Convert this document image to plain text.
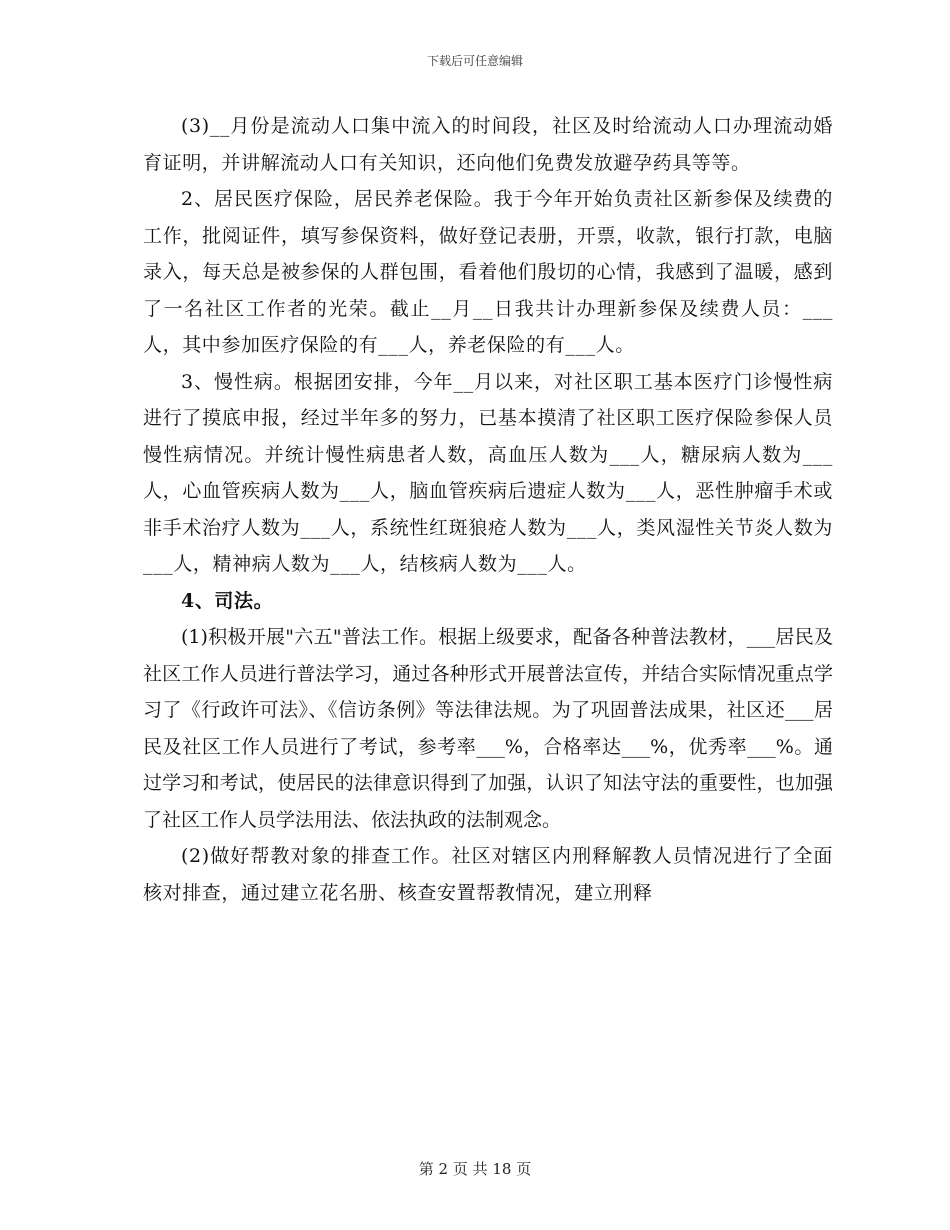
下载后可任意编辑

(3)__月份是流动人口集中流入的时间段，社区及时给流动人口办理流动婚育证明，并讲解流动人口有关知识，还向他们免费发放避孕药具等等。

2、居民医疗保险，居民养老保险。我于今年开始负责社区新参保及续费的工作，批阅证件，填写参保资料，做好登记表册，开票，收款，银行打款，电脑录入，每天总是被参保的人群包围，看着他们殷切的心情，我感到了温暖，感到了一名社区工作者的光荣。截止__月__日我共计办理新参保及续费人员：___人，其中参加医疗保险的有___人，养老保险的有___人。

3、慢性病。根据团安排，今年__月以来，对社区职工基本医疗门诊慢性病进行了摸底申报，经过半年多的努力，已基本摸清了社区职工医疗保险参保人员慢性病情况。并统计慢性病患者人数，高血压人数为___人，糖尿病人数为___人，心血管疾病人数为___人，脑血管疾病后遗症人数为___人，恶性肿瘤手术或非手术治疗人数为___人，系统性红斑狼疮人数为___人，类风湿性关节炎人数为___人，精神病人数为___人，结核病人数为___人。

4、司法。

(1)积极开展"六五"普法工作。根据上级要求，配备各种普法教材，___居民及社区工作人员进行普法学习，通过各种形式开展普法宣传，并结合实际情况重点学习了《行政许可法》、《信访条例》等法律法规。为了巩固普法成果，社区还___居民及社区工作人员进行了考试，参考率___%，合格率达___%，优秀率___%。通过学习和考试，使居民的法律意识得到了加强，认识了知法守法的重要性，也加强了社区工作人员学法用法、依法执政的法制观念。

(2)做好帮教对象的排查工作。社区对辖区内刑释解教人员情况进行了全面核对排查，通过建立花名册、核查安置帮教情况，建立刑释

第 2 页 共 18 页
